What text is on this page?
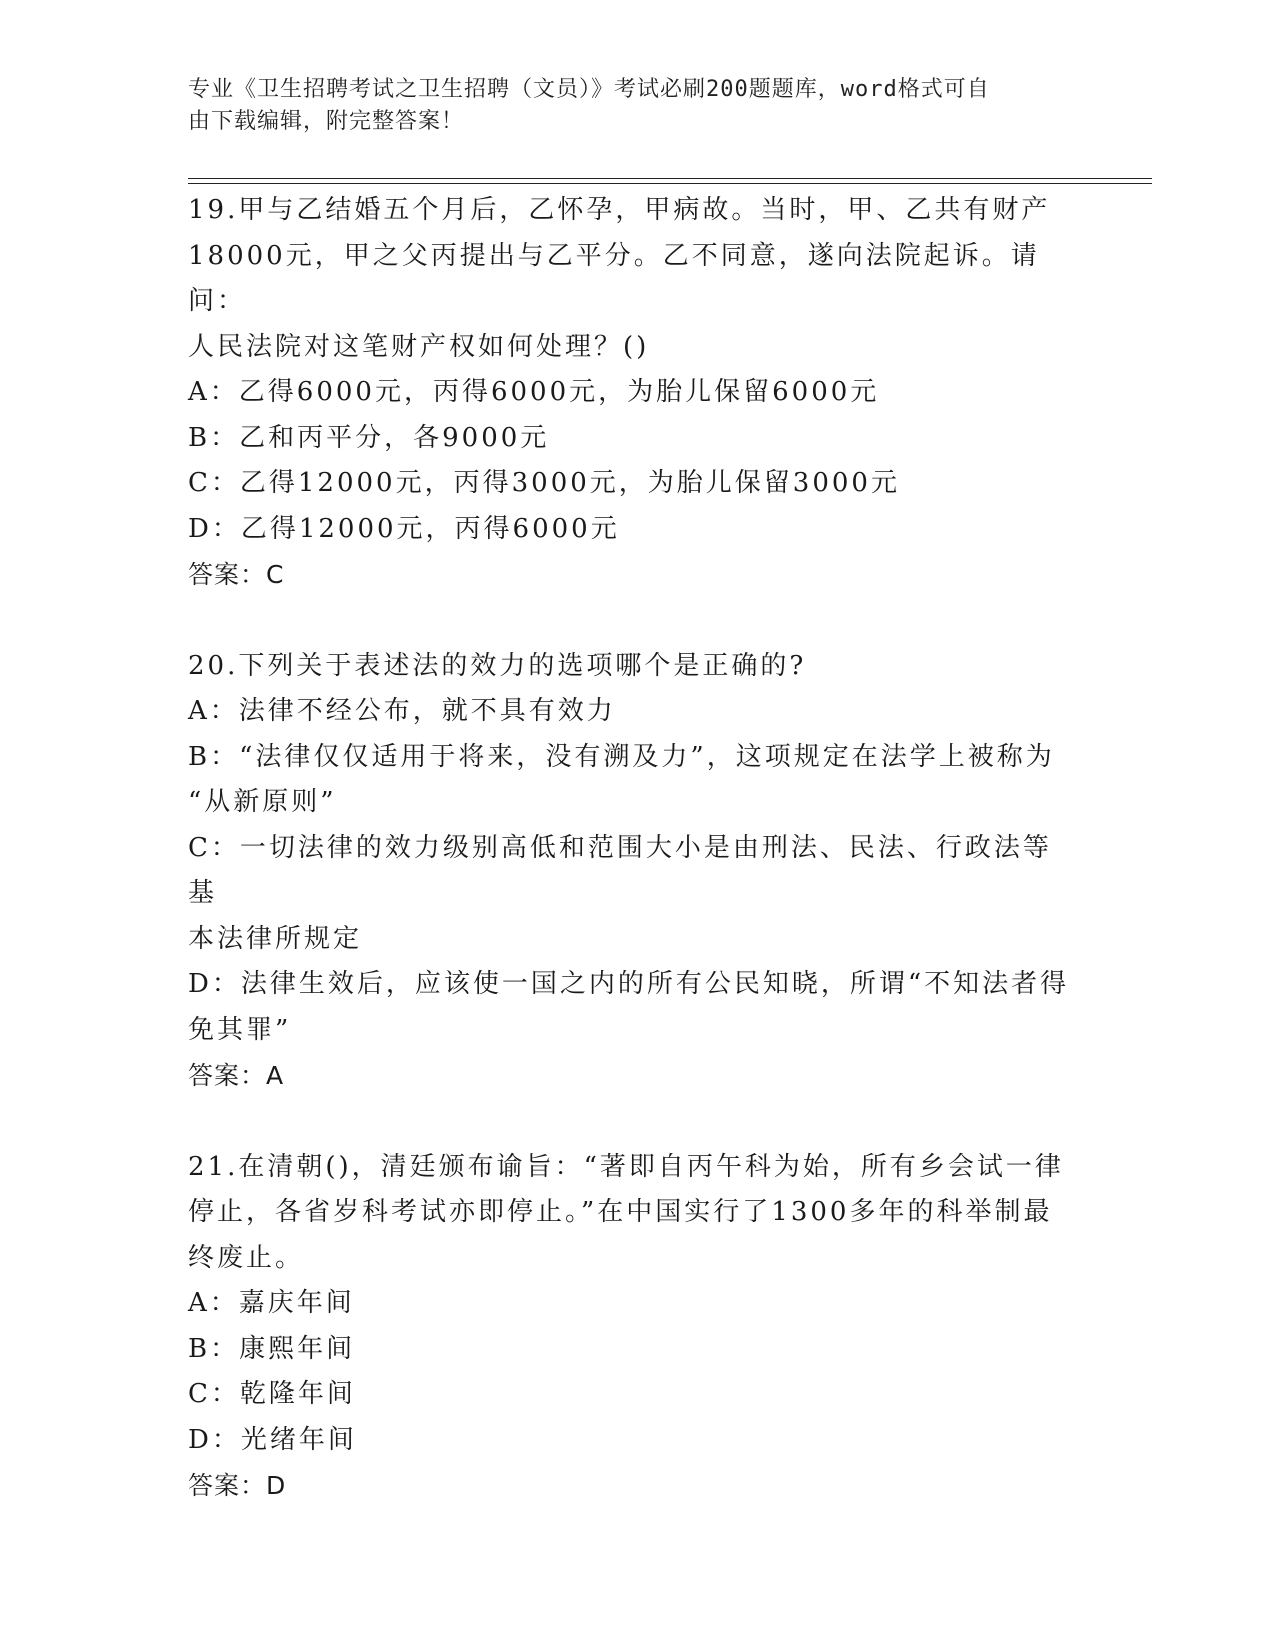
专业《卫生招聘考试之卫生招聘（文员）》考试必刷200题题库，word格式可自
由下载编辑，附完整答案！

19.甲与乙结婚五个月后，乙怀孕，甲病故。当时，甲、乙共有财产

18000元，甲之父丙提出与乙平分。乙不同意，遂向法院起诉。请问：

人民法院对这笔财产权如何处理？()

A：乙得6000元，丙得6000元，为胎儿保留6000元

B：乙和丙平分，各9000元

C：乙得12000元，丙得3000元，为胎儿保留3000元

D：乙得12000元，丙得6000元

答案：C

20.下列关于表述法的效力的选项哪个是正确的?

A：法律不经公布，就不具有效力

B：“法律仅仅适用于将来，没有溯及力”，这项规定在法学上被称为

“从新原则”

C：一切法律的效力级别高低和范围大小是由刑法、民法、行政法等基

本法律所规定

D：法律生效后，应该使一国之内的所有公民知晓，所谓“不知法者得

免其罪”

答案：A

21.在清朝()，清廷颁布谕旨：“著即自丙午科为始，所有乡会试一律

停止，各省岁科考试亦即停止。”在中国实行了1300多年的科举制最

终废止。

A：嘉庆年间

B：康熙年间

C：乾隆年间

D：光绪年间

答案：D
